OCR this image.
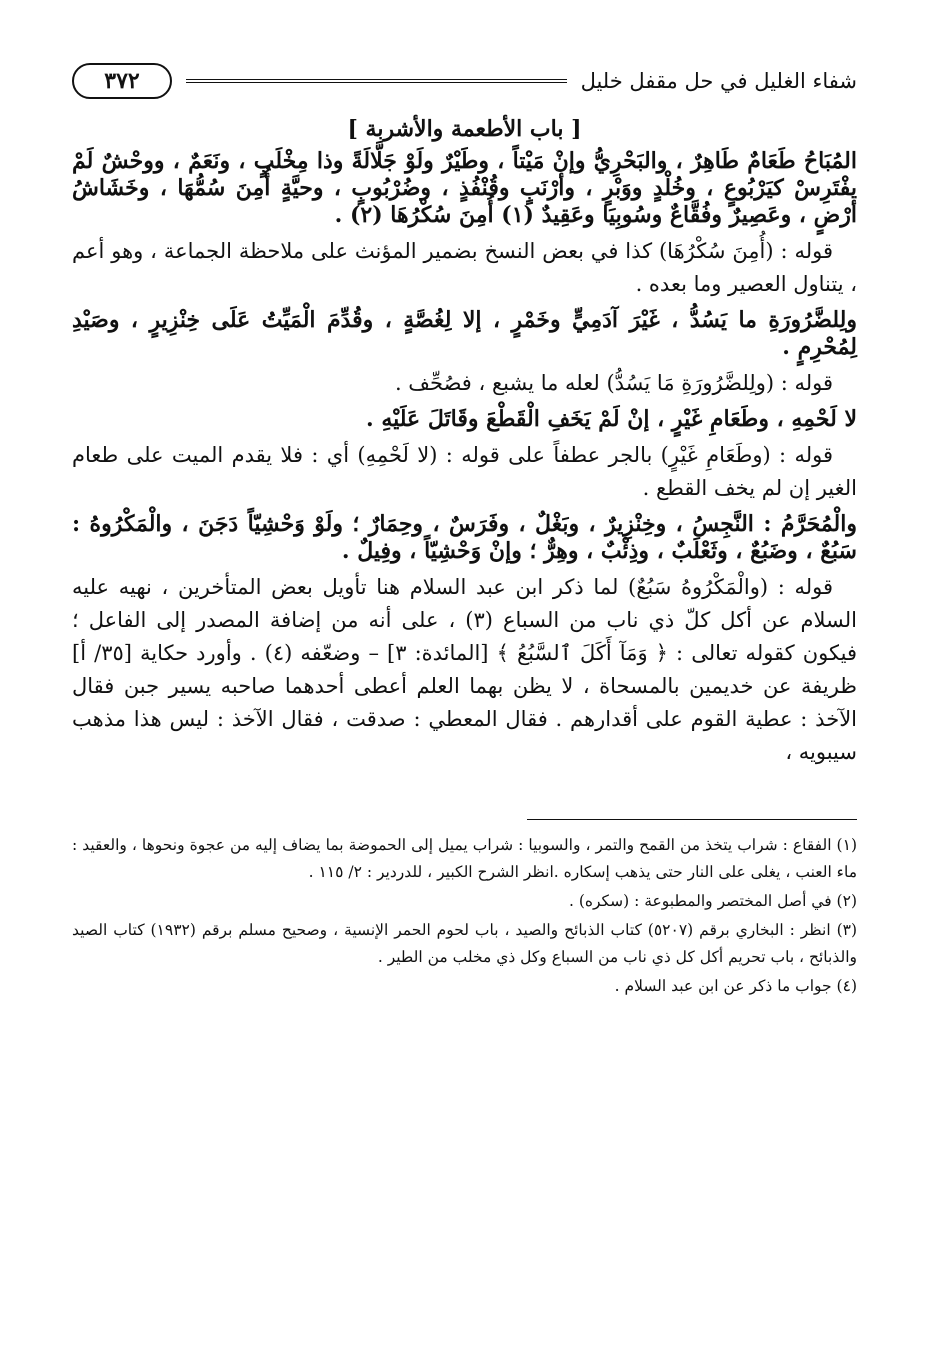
شفاء الغليل في حل مقفل خليل
٣٧٢
[ باب الأطعمة والأشربة ]

المُبَاحُ طَعَامٌ طَاهِرٌ ، والبَحْرِيُّ وإنْ مَيْتاً ، وطَيْرٌ ولَوْ جَلَّالَةً وذا مِخْلَبٍ ، ونَعَمٌ ، ووحْشٌ لَمْ يفْتَرِسْ كيَرْبُوعٍ ، وخُلْدٍ ووَبْرٍ ، وأرْنَبٍ وقُنْفُذٍ ، وضُرْبُوبٍ ، وحيَّةٍ أُمِنَ سُمُّهَا ، وخَشَاشُ أرْضٍ ، وعَصِيرٌ وفُقَّاعٌ وسُوبِيَا وعَقِيدٌ (١) أُمِنَ سُكْرُهَا (٢) .

قوله : (أُمِنَ سُكْرُهَا) كذا في بعض النسخ بضمير المؤنث على ملاحظة الجماعة ، وهو أعم ، يتناول العصير وما بعده .

ولِلضَّرُورَةِ ما يَسُدُّ ، غَيْرَ آدَمِيٍّ وخَمْرٍ ، إلا لِغُصَّةٍ ، وقُدِّمَ الْمَيِّتُ عَلَى خِنْزِيرٍ ، وصَيْدِ لِمُحْرِمٍ .

قوله : (ولِلضَّرُورَةِ مَا يَسُدُّ) لعله ما يشبع ، فصُحِّف .

لا لَحْمِهِ ، وطَعَامِ غَيْرٍ ، إنْ لَمْ يَخَفِ الْقَطْعَ وقَاتَلَ عَلَيْهِ .

قوله : (وطَعَامِ غَيْرٍ) بالجر عطفاً على قوله : (لا لَحْمِهِ) أي : فلا يقدم الميت على طعام الغير إن لم يخف القطع .

والْمُحَرَّمُ : النَّجِسُ ، وخِنْزِيرٌ ، وبَغْلٌ ، وفَرَسٌ ، وحِمَارٌ ؛ ولَوْ وَحْشِيّاً دَجَنَ ، والْمَكْرُوهُ : سَبُعٌ ، وضَبُعٌ ، وثَعْلَبٌ ، وذِئْبٌ ، وهِرٌّ ؛ وإنْ وَحْشِيّاً ، وفِيلٌ .

قوله : (والْمَكْرُوهُ سَبُعٌ) لما ذكر ابن عبد السلام هنا تأويل بعض المتأخرين ، نهيه عليه السلام عن أكل كلّ ذي ناب من السباع (٣) ، على أنه من إضافة المصدر إلى الفاعل ؛ فيكون كقوله تعالى : ﴿ وَمَآ أَكَلَ ٱلسَّبُعُ ﴾ [المائدة: ٣] – وضعّفه (٤) . وأورد حكاية [٣٥/ أ] ظريفة عن خديمين بالمسحاة ، لا يظن بهما العلم أعطى أحدهما صاحبه يسير جبن فقال الآخذ : عطية القوم على أقدارهم . فقال المعطي : صدقت ، فقال الآخذ : ليس هذا مذهب سيبويه ،

(١) الفقاع : شراب يتخذ من القمح والتمر ، والسوبيا : شراب يميل إلى الحموضة بما يضاف إليه من عجوة ونحوها ، والعقيد : ماء العنب ، يغلى على النار حتى يذهب إسكاره .انظر الشرح الكبير ، للدردير : ٢/ ١١٥ .

(٢) في أصل المختصر والمطبوعة : (سكره) .

(٣) انظر : البخاري برقم (٥٢٠٧) كتاب الذبائح والصيد ، باب لحوم الحمر الإنسية ، وصحيح مسلم برقم (١٩٣٢) كتاب الصيد والذبائح ، باب تحريم أكل كل ذي ناب من السباع وكل ذي مخلب من الطير .

(٤) جواب ما ذكر عن ابن عبد السلام .
